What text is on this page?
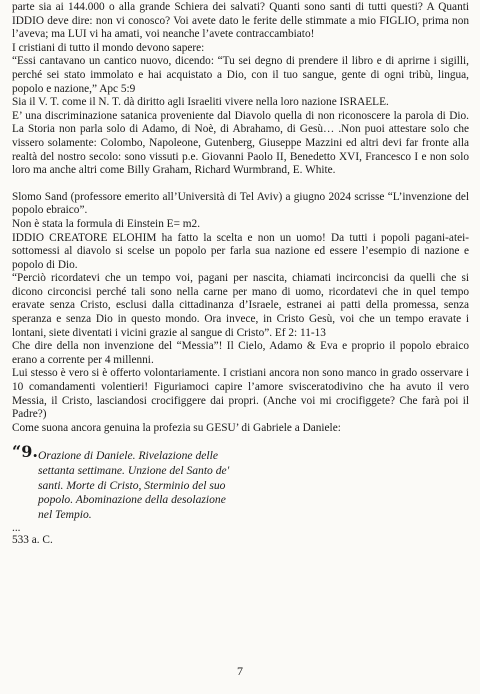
parte sia ai 144.000 o alla grande Schiera dei salvati? Quanti sono santi di tutti questi? A Quanti IDDIO deve dire: non vi conosco? Voi avete dato le ferite delle stimmate a mio FIGLIO, prima non l’aveva; ma LUI vi ha amati, voi neanche l’avete contraccambiato!

I cristiani di tutto il mondo devono sapere:

“Essi cantavano un cantico nuovo, dicendo: “Tu sei degno di prendere il libro e di aprirne i sigilli, perché sei stato immolato e hai acquistato a Dio, con il tuo sangue, gente di ogni tribù, lingua, popolo e nazione,” Apc 5:9

Sia il V. T. come il N. T. dà diritto agli Israeliti vivere nella loro nazione ISRAELE.

E’ una discriminazione satanica proveniente dal Diavolo quella di non riconoscere la parola di Dio. La Storia non parla solo di Adamo, di Noè, di Abrahamo, di Gesù… .Non puoi attestare solo che vissero solamente: Colombo, Napoleone, Gutenberg, Giuseppe Mazzini ed altri devi far fronte alla realtà del nostro secolo: sono vissuti p.e. Giovanni Paolo II, Benedetto XVI, Francesco I e non solo loro ma anche altri come Billy Graham, Richard Wurmbrand, E. White.

Slomo Sand (professore emerito all’Università di Tel Aviv) a giugno 2024 scrisse “L’invenzione del popolo ebraico”.

Non è stata la formula di Einstein E= m2.

IDDIO CREATORE ELOHIM ha fatto la scelta e non un uomo! Da tutti i popoli pagani-atei-sottomessi al diavolo si scelse un popolo per farla sua nazione ed essere l’esempio di nazione e popolo di Dio.

“Perciò ricordatevi che un tempo voi, pagani per nascita, chiamati incirconcisi da quelli che si dicono circoncisi perché tali sono nella carne per mano di uomo, ricordatevi che in quel tempo eravate senza Cristo, esclusi dalla cittadinanza d’Israele, estranei ai patti della promessa, senza speranza e senza Dio in questo mondo. Ora invece, in Cristo Gesù, voi che un tempo eravate i lontani, siete diventati i vicini grazie al sangue di Cristo”. Ef 2: 11-13

Che dire della non invenzione del “Messia”! Il Cielo, Adamo & Eva e proprio il popolo ebraico erano a corrente per 4 millenni.

Lui stesso è vero si è offerto volontariamente. I cristiani ancora non sono manco in grado osservare i 10 comandamenti volentieri! Figuriamoci capire l’amore svisceratodivino che ha avuto il vero Messia, il Cristo, lasciandosi crocifiggere dai propri. (Anche voi mi crocifiggete? Che farà poi il Padre?)

Come suona ancora genuina la profezia su GESU’ di Gabriele a Daniele:

“9. Orazione di Daniele. Rivelazione delle
settanta settimane. Unzione del Santo de'
santi. Morte di Cristo, Sterminio del suo
popolo. Abominazione della desolazione
nel Tempio.

...

533 a. C.

7
